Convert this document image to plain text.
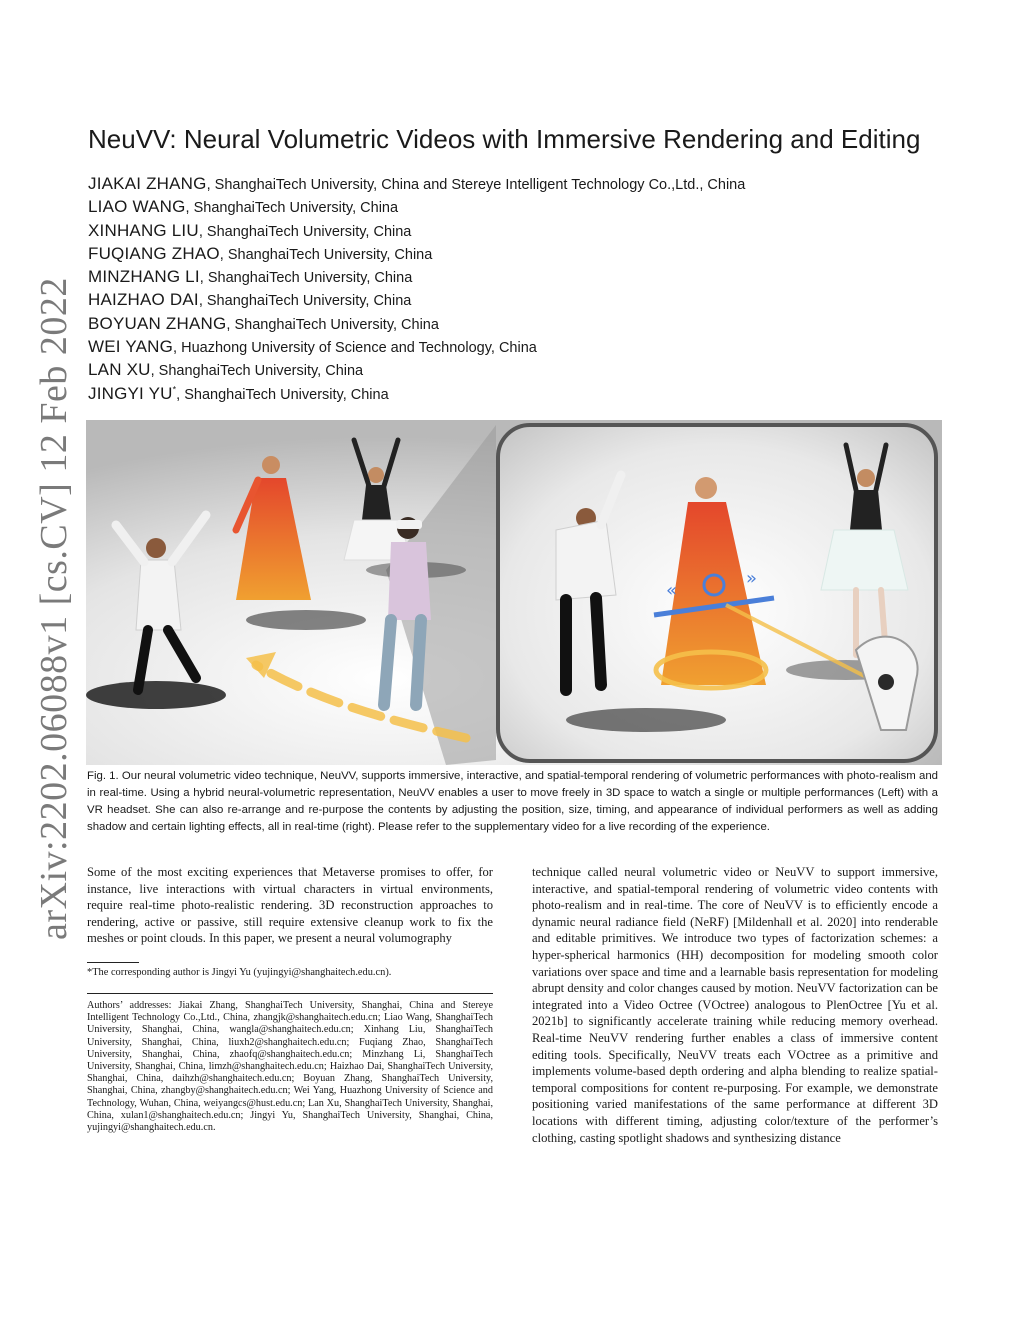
arXiv:2202.06088v1 [cs.CV] 12 Feb 2022
NeuVV: Neural Volumetric Videos with Immersive Rendering and Editing
JIAKAI ZHANG, ShanghaiTech University, China and Stereye Intelligent Technology Co.,Ltd., China
LIAO WANG, ShanghaiTech University, China
XINHANG LIU, ShanghaiTech University, China
FUQIANG ZHAO, ShanghaiTech University, China
MINZHANG LI, ShanghaiTech University, China
HAIZHAO DAI, ShanghaiTech University, China
BOYUAN ZHANG, ShanghaiTech University, China
WEI YANG, Huazhong University of Science and Technology, China
LAN XU, ShanghaiTech University, China
JINGYI YU*, ShanghaiTech University, China
«
»
Fig. 1. Our neural volumetric video technique, NeuVV, supports immersive, interactive, and spatial-temporal rendering of volumetric performances with photo-realism and in real-time. Using a hybrid neural-volumetric representation, NeuVV enables a user to move freely in 3D space to watch a single or multiple performances (Left) with a VR headset. She can also re-arrange and re-purpose the contents by adjusting the position, size, timing, and appearance of individual performers as well as adding shadow and certain lighting effects, all in real-time (right). Please refer to the supplementary video for a live recording of the experience.
Some of the most exciting experiences that Metaverse promises to offer, for instance, live interactions with virtual characters in virtual environments, require real-time photo-realistic rendering. 3D reconstruction approaches to rendering, active or passive, still require extensive cleanup work to fix the meshes or point clouds. In this paper, we present a neural volumography
*The corresponding author is Jingyi Yu (yujingyi@shanghaitech.edu.cn).
Authors’ addresses: Jiakai Zhang, ShanghaiTech University, Shanghai, China and Stereye Intelligent Technology Co.,Ltd., China, zhangjk@shanghaitech.edu.cn; Liao Wang, ShanghaiTech University, Shanghai, China, wangla@shanghaitech.edu.cn; Xinhang Liu, ShanghaiTech University, Shanghai, China, liuxh2@shanghaitech.edu.cn; Fuqiang Zhao, ShanghaiTech University, Shanghai, China, zhaofq@shanghaitech.edu.cn; Minzhang Li, ShanghaiTech University, Shanghai, China, limzh@shanghaitech.edu.cn; Haizhao Dai, ShanghaiTech University, Shanghai, China, daihzh@shanghaitech.edu.cn; Boyuan Zhang, ShanghaiTech University, Shanghai, China, zhangby@shanghaitech.edu.cn; Wei Yang, Huazhong University of Science and Technology, Wuhan, China, weiyangcs@hust.edu.cn; Lan Xu, ShanghaiTech University, Shanghai, China, xulan1@shanghaitech.edu.cn; Jingyi Yu, ShanghaiTech University, Shanghai, China, yujingyi@shanghaitech.edu.cn.
technique called neural volumetric video or NeuVV to support immersive, interactive, and spatial-temporal rendering of volumetric video contents with photo-realism and in real-time. The core of NeuVV is to efficiently encode a dynamic neural radiance field (NeRF) [Mildenhall et al. 2020] into renderable and editable primitives. We introduce two types of factorization schemes: a hyper-spherical harmonics (HH) decomposition for modeling smooth color variations over space and time and a learnable basis representation for modeling abrupt density and color changes caused by motion. NeuVV factorization can be integrated into a Video Octree (VOctree) analogous to PlenOctree [Yu et al. 2021b] to significantly accelerate training while reducing memory overhead. Real-time NeuVV rendering further enables a class of immersive content editing tools. Specifically, NeuVV treats each VOctree as a primitive and implements volume-based depth ordering and alpha blending to realize spatial-temporal compositions for content re-purposing. For example, we demonstrate positioning varied manifestations of the same performance at different 3D locations with different timing, adjusting color/texture of the performer’s clothing, casting spotlight shadows and synthesizing distance
